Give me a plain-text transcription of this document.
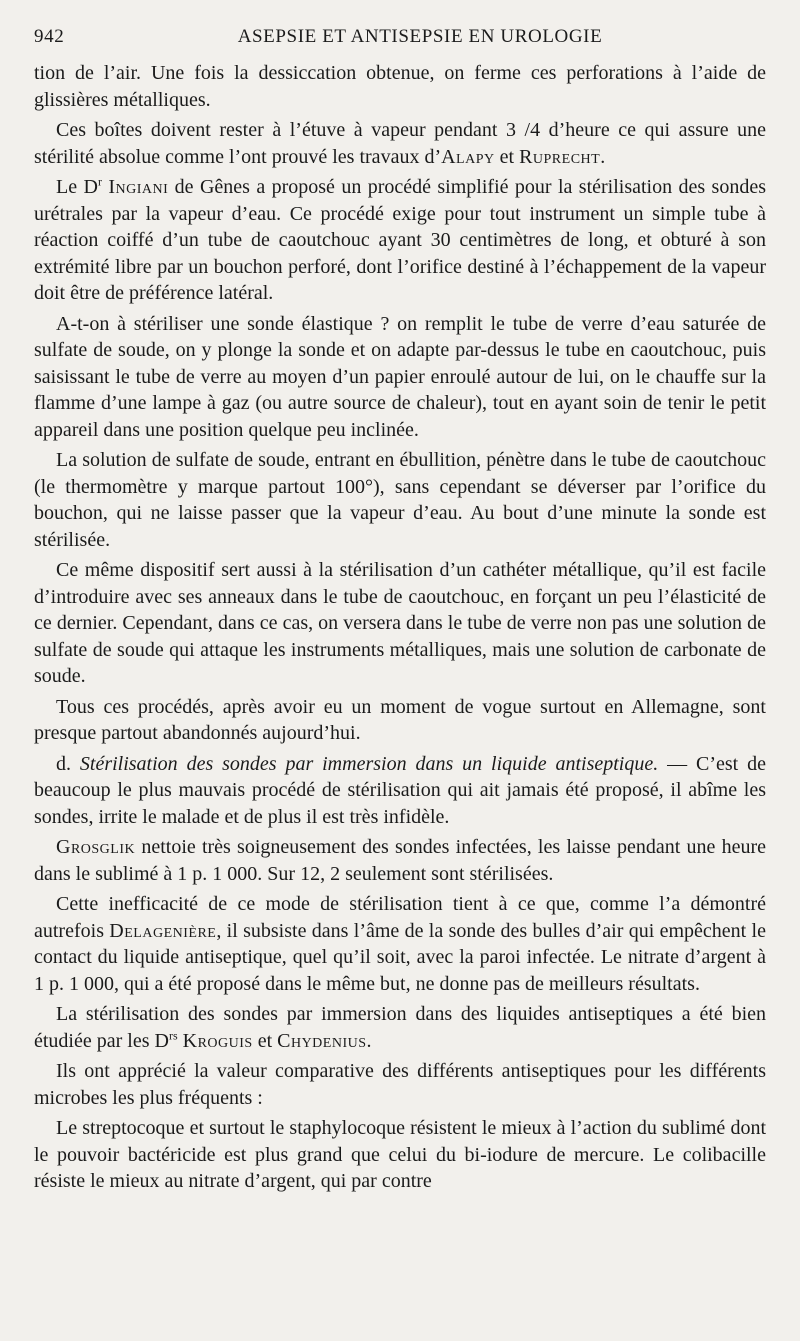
942	ASEPSIE ET ANTISEPSIE EN UROLOGIE

tion de l’air. Une fois la dessiccation obtenue, on ferme ces perforations à l’aide de glissières métalliques.

Ces boîtes doivent rester à l’étuve à vapeur pendant 3 /4 d’heure ce qui assure une stérilité absolue comme l’ont prouvé les travaux d’Alapy et Ruprecht.

Le $D^r$ Ingiani de Gênes a proposé un procédé simplifié pour la stérilisation des sondes urétrales par la vapeur d’eau. Ce procédé exige pour tout instrument un simple tube à réaction coiffé d’un tube de caoutchouc ayant 30 centimètres de long, et obturé à son extrémité libre par un bouchon perforé, dont l’orifice destiné à l’échappement de la vapeur doit être de préférence latéral.

A-t-on à stériliser une sonde élastique ? on remplit le tube de verre d’eau saturée de sulfate de soude, on y plonge la sonde et on adapte par-dessus le tube en caoutchouc, puis saisissant le tube de verre au moyen d’un papier enroulé autour de lui, on le chauffe sur la flamme d’une lampe à gaz (ou autre source de chaleur), tout en ayant soin de tenir le petit appareil dans une position quelque peu inclinée.

La solution de sulfate de soude, entrant en ébullition, pénètre dans le tube de caoutchouc (le thermomètre y marque partout 100°), sans cependant se déverser par l’orifice du bouchon, qui ne laisse passer que la vapeur d’eau. Au bout d’une minute la sonde est stérilisée.

Ce même dispositif sert aussi à la stérilisation d’un cathéter métallique, qu’il est facile d’introduire avec ses anneaux dans le tube de caoutchouc, en forçant un peu l’élasticité de ce dernier. Cependant, dans ce cas, on versera dans le tube de verre non pas une solution de sulfate de soude qui attaque les instruments métalliques, mais une solution de carbonate de soude.

Tous ces procédés, après avoir eu un moment de vogue surtout en Allemagne, sont presque partout abandonnés aujourd’hui.

d. Stérilisation des sondes par immersion dans un liquide antiseptique. — C’est de beaucoup le plus mauvais procédé de stérilisation qui ait jamais été proposé, il abîme les sondes, irrite le malade et de plus il est très infidèle.

Grosglik nettoie très soigneusement des sondes infectées, les laisse pendant une heure dans le sublimé à 1 p. 1 000. Sur 12, 2 seulement sont stérilisées.

Cette inefficacité de ce mode de stérilisation tient à ce que, comme l’a démontré autrefois Delagenière, il subsiste dans l’âme de la sonde des bulles d’air qui empêchent le contact du liquide antiseptique, quel qu’il soit, avec la paroi infectée. Le nitrate d’argent à 1 p. 1 000, qui a été proposé dans le même but, ne donne pas de meilleurs résultats.

La stérilisation des sondes par immersion dans des liquides antiseptiques a été bien étudiée par les $D^{rs}$ Kroguis et Chydenius.

Ils ont apprécié la valeur comparative des différents antiseptiques pour les différents microbes les plus fréquents :

Le streptocoque et surtout le staphylocoque résistent le mieux à l’action du sublimé dont le pouvoir bactéricide est plus grand que celui du bi-iodure de mercure. Le colibacille résiste le mieux au nitrate d’argent, qui par contre
